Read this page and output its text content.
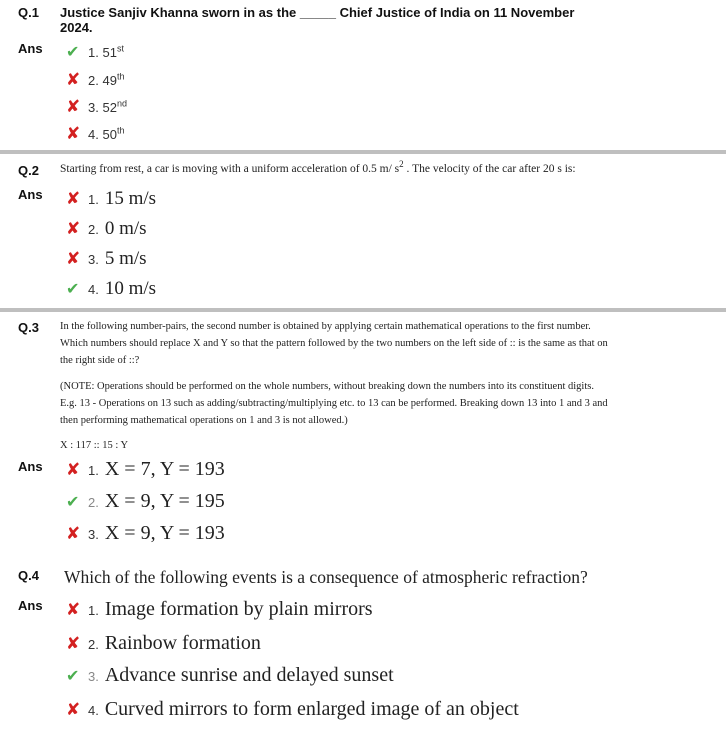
Q.1 Justice Sanjiv Khanna sworn in as the _____ Chief Justice of India on 11 November
2024.
Ans ✔ 1. 51st
✘ 2. 49th
✘ 3. 52nd
✘ 4. 50th
Q.2 Starting from rest, a car is moving with a uniform acceleration of 0.5 m/ $s^2$ . The velocity of the car after 20 s is:
Ans ✘ 1. 15 m/s
✘ 2. 0 m/s
✘ 3. 5 m/s
✔ 4. 10 m/s
Q.3 In the following number-pairs, the second number is obtained by applying certain mathematical operations to the first number. Which numbers should replace X and Y so that the pattern followed by the two numbers on the left side of :: is the same as that on the right side of ::?
(NOTE: Operations should be performed on the whole numbers, without breaking down the numbers into its constituent digits. E.g. 13 - Operations on 13 such as adding/subtracting/multiplying etc. to 13 can be performed. Breaking down 13 into 1 and 3 and then performing mathematical operations on 1 and 3 is not allowed.)
X : 117 :: 15 : Y
Ans ✘ 1. X = 7, Y = 193
✔ 2. X = 9, Y = 195
✘ 3. X = 9, Y = 193
Q.4 Which of the following events is a consequence of atmospheric refraction?
Ans ✘ 1. Image formation by plain mirrors
✘ 2. Rainbow formation
✔ 3. Advance sunrise and delayed sunset
✘ 4. Curved mirrors to form enlarged image of an object
